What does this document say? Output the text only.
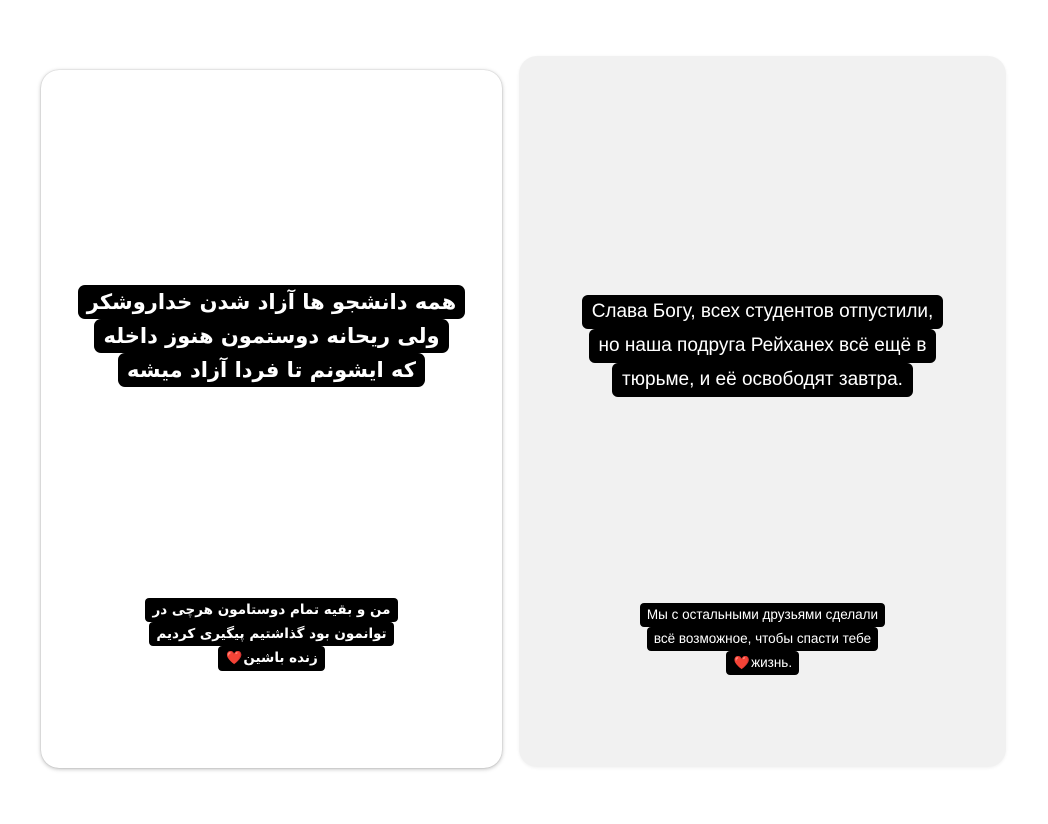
همه دانشجو ها آزاد شدن خداروشکر
ولی ریحانه دوستمون هنوز داخله
که ایشونم تا فردا آزاد میشه
من و بقیه تمام دوستامون هرچی در
توانمون بود گذاشتیم پیگیری کردیم
زنده باشین❤️
Слава Богу, всех студентов отпустили,
но наша подруга Рейханех всё ещё в
тюрьме, и её освободят завтра.
Мы с остальными друзьями сделали
всё возможное, чтобы спасти тебе
❤️жизнь.
